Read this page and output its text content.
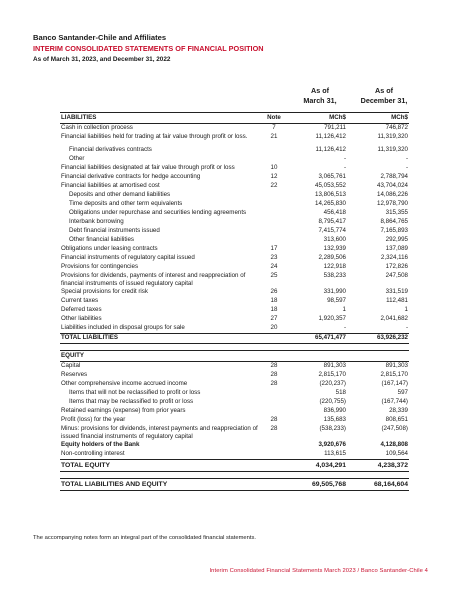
Banco Santander-Chile and Affiliates
INTERIM CONSOLIDATED STATEMENTS OF FINANCIAL POSITION
As of March 31, 2023, and December 31, 2022
As of
March 31,
As of
December 31,
LIABILITIES	Note	MCh$	MCh$
Cash in collection process	7	791,211	746,872
Financial liabilities held for trading at fair value through profit or loss.	21	11,126,412	11,319,320

Financial derivatives contracts		11,126,412	11,319,320
Other		-	-
Financial liabilities designated at fair value through profit or loss	10	-	-
Financial derivative contracts for hedge accounting	12	3,065,761	2,788,794
Financial liabilities at amortised cost	22	45,053,552	43,704,024
Deposits and other demand liabilities		13,806,513	14,086,226
Time deposits and other term equivalents		14,265,830	12,978,790
Obligations under repurchase and securities lending agreements		456,418	315,355
Interbank borrowing		8,795,417	8,864,765
Debt financial instruments issued		7,415,774	7,165,893
Other financial liabilities		313,600	292,995
Obligations under leasing contracts	17	132,939	137,089
Financial instruments of regulatory capital issued	23	2,289,506	2,324,116
Provisions for contingencies	24	122,918	172,826
Provisions for dividends, payments of interest and reappreciation of financial instruments of issued regulatory capital	25	538,233	247,508
Special provisions for credit risk	26	331,990	331,519
Current taxes	18	98,597	112,481
Deferred taxes	18	1	1
Other liabilities	27	1,920,357	2,041,682
Liabilities included in disposal groups for sale	20	-	-
TOTAL LIABILITIES		65,471,477	63,926,232

EQUITY			
Capital	28	891,303	891,303
Reserves	28	2,815,170	2,815,170
Other comprehensive income accrued income	28	(220,237)	(167,147)
Items that will not be reclassified to profit or loss		518	597
Items that may be reclassified to profit or loss		(220,755)	(167,744)
Retained earnings (expense) from prior years		836,990	28,339
Profit (loss) for the year	28	135,683	808,651
Minus: provisions for dividends, interest payments and reappreciation of issued financial instruments of regulatory capital	28	(538,233)	(247,508)
Equity holders of the Bank		3,920,676	4,128,808
Non-controlling interest		113,615	109,564
TOTAL EQUITY		4,034,291	4,238,372

TOTAL LIABILITIES AND EQUITY		69,505,768	68,164,604
The accompanying notes form an integral part of the consolidated financial statements.
Interim Consolidated Financial Statements March 2023 / Banco Santander-Chile 4
